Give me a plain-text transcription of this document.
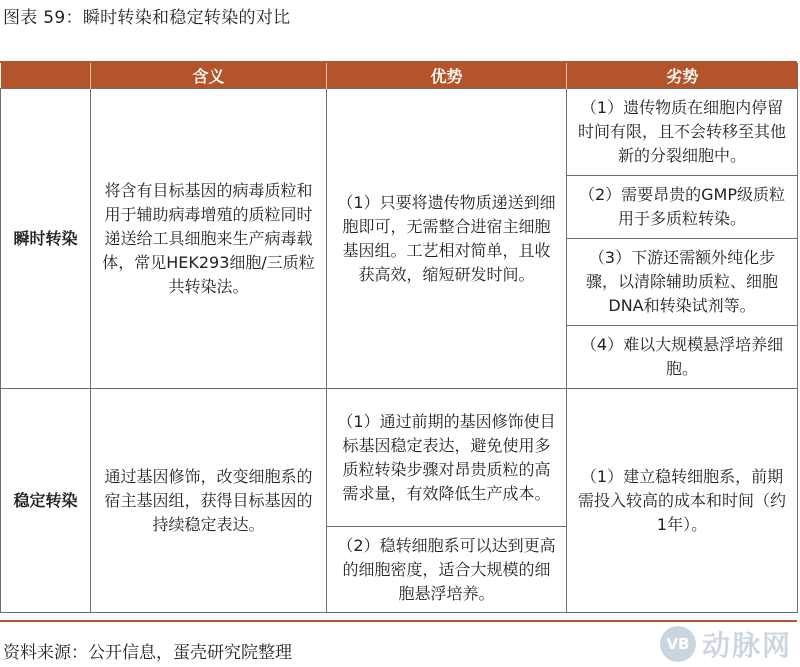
图表 59：瞬时转染和稳定转染的对比
	含义	优势	劣势
瞬时转染	将含有目标基因的病毒质粒和用于辅助病毒增殖的质粒同时递送给工具细胞来生产病毒载体，常见HEK293细胞/三质粒共转染法。	（1）只要将遗传物质递送到细胞即可，无需整合进宿主细胞基因组。工艺相对简单，且收获高效，缩短研发时间。	（1）遗传物质在细胞内停留时间有限，且不会转移至其他新的分裂细胞中。
			（2）需要昂贵的GMP级质粒用于多质粒转染。
			（3）下游还需额外纯化步骤，以清除辅助质粒、细胞DNA和转染试剂等。
			（4）难以大规模悬浮培养细胞。
稳定转染	通过基因修饰，改变细胞系的宿主基因组，获得目标基因的持续稳定表达。	（1）通过前期的基因修饰使目标基因稳定表达，避免使用多质粒转染步骤对昂贵质粒的高需求量，有效降低生产成本。	（1）建立稳转细胞系，前期需投入较高的成本和时间（约1年）。
		（2）稳转细胞系可以达到更高的细胞密度，适合大规模的细胞悬浮培养。	
资料来源：公开信息，蛋壳研究院整理	VB 动脉网
